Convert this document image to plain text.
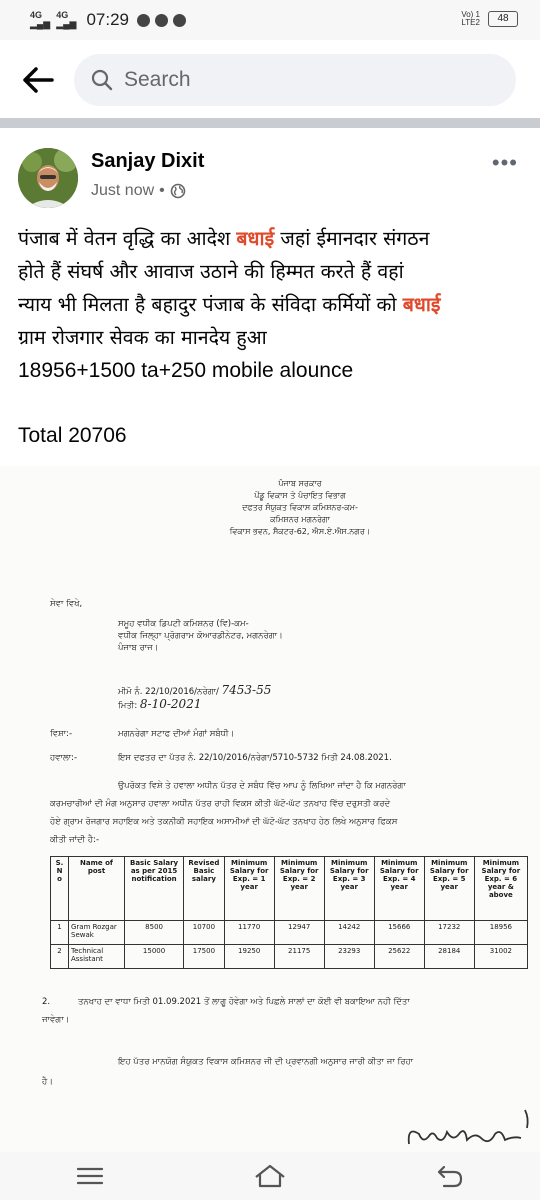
4G
▂▄▆
4G
▂▄▆ 07:29	Vo) 1
LTE2	48
Search
Sanjay Dixit
Just now •
•••

पंजाब में वेतन वृद्धि का आदेश बधाई जहां ईमानदार संगठन

होते हैं संघर्ष और आवाज उठाने की हिम्मत करते हैं वहां

न्याय भी मिलता है बहादुर पंजाब के संविदा कर्मियों को बधाई

ग्राम रोजगार सेवक का मानदेय हुआ

18956+1500 ta+250 mobile alounce

Total 20706
ਪੰਜਾਬ ਸਰਕਾਰ
ਪੇਂਡੂ ਵਿਕਾਸ ਤੇ ਪੰਚਾਇਤ ਵਿਭਾਗ
ਦਫਤਰ ਸੰਯੁਕਤ ਵਿਕਾਸ ਕਮਿਸ਼ਨਰ-ਕਮ-
ਕਮਿਸ਼ਨਰ ਮਗਨਰੇਗਾ
ਵਿਕਾਸ ਭਵਨ, ਸੈਕਟਰ-62, ਐਸ.ਏ.ਐਸ.ਨਗਰ।
ਸੇਵਾ ਵਿਖੇ,
ਸਮੂਹ ਵਧੀਕ ਡਿਪਟੀ ਕਮਿਸ਼ਨਰ (ਵਿ)-ਕਮ-
ਵਧੀਕ ਜਿਲ੍ਹਾ ਪ੍ਰੋਗਰਾਮ ਕੋਆਰਡੀਨੇਟਰ, ਮਗਨਰੇਗਾ।
ਪੰਜਾਬ ਰਾਜ।
ਮੀਮੋ ਨੰ. 22/10/2016/ਨਰੇਗਾ/ 7453-55
ਮਿਤੀ: 8-10-2021
ਵਿਸ਼ਾ:-	ਮਗਨਰੇਗਾ ਸਟਾਫ ਦੀਆਂ ਮੰਗਾਂ ਸਬੰਧੀ।
ਹਵਾਲਾ:-	ਇਸ ਦਫਤਰ ਦਾ ਪੱਤਰ ਨੰ. 22/10/2016/ਨਰੇਗਾ/5710-5732 ਮਿਤੀ 24.08.2021.
ਉਪਰੋਕਤ ਵਿਸ਼ੇ ਤੇ ਹਵਾਲਾ ਅਧੀਨ ਪੱਤਰ ਦੇ ਸਬੰਧ ਵਿੱਚ ਆਪ ਨੂੰ ਲਿਖਿਆ ਜਾਂਦਾ ਹੈ ਕਿ ਮਗਨਰੇਗਾ
ਕਰਮਚਾਰੀਆਂ ਦੀ ਮੰਗ ਅਨੁਸਾਰ ਹਵਾਲਾ ਅਧੀਨ ਪੱਤਰ ਰਾਹੀ ਵਿਕਸ ਕੀਤੀ ਘੱਟੋ-ਘੱਟ ਤਨਖਾਹ ਵਿੱਚ ਦਰੁਸਤੀ ਕਰਦੇ
ਹੋਏ ਗ੍ਰਾਮ ਰੋਜਗਾਰ ਸਹਾਇਕ ਅਤੇ ਤਕਨੀਕੀ ਸਹਾਇਕ ਅਸਾਮੀਆਂ ਦੀ ਘੱਟੋ-ਘੱਟ ਤਨਖਾਹ ਹੇਠ ਲਿਖੇ ਅਨੁਸਾਰ ਫਿਕਸ
ਕੀਤੀ ਜਾਂਦੀ ਹੈ:-
S. N o	Name of post	Basic Salary as per 2015 notification	Revised Basic salary	Minimum Salary for Exp. = 1 year	Minimum Salary for Exp. = 2 year	Minimum Salary for Exp. = 3 year	Minimum Salary for Exp. = 4 year	Minimum Salary for Exp. = 5 year	Minimum Salary for Exp. = 6 year & above
1	Gram Rozgar Sewak	8500	10700	11770	12947	14242	15666	17232	18956
2	Technical Assistant	15000	17500	19250	21175	23293	25622	28184	31002
2.	ਤਨਖਾਹ ਦਾ ਵਾਧਾ ਮਿਤੀ 01.09.2021 ਤੋਂ ਲਾਗੂ ਹੋਵੇਗਾ ਅਤੇ ਪਿਛਲੇ ਸਾਲਾਂ ਦਾ ਕੋਈ ਵੀ ਬਕਾਇਆ ਨਹੀ ਦਿੱਤਾ
ਜਾਵੇਗਾ।
ਇਹ ਪੱਤਰ ਮਾਨਯੋਗ ਸੰਯੁਕਤ ਵਿਕਾਸ ਕਮਿਸ਼ਨਰ ਜੀ ਦੀ ਪ੍ਰਵਾਨਗੀ ਅਨੁਸਾਰ ਜਾਰੀ ਕੀਤਾ ਜਾ ਰਿਹਾ
ਹੈ।
